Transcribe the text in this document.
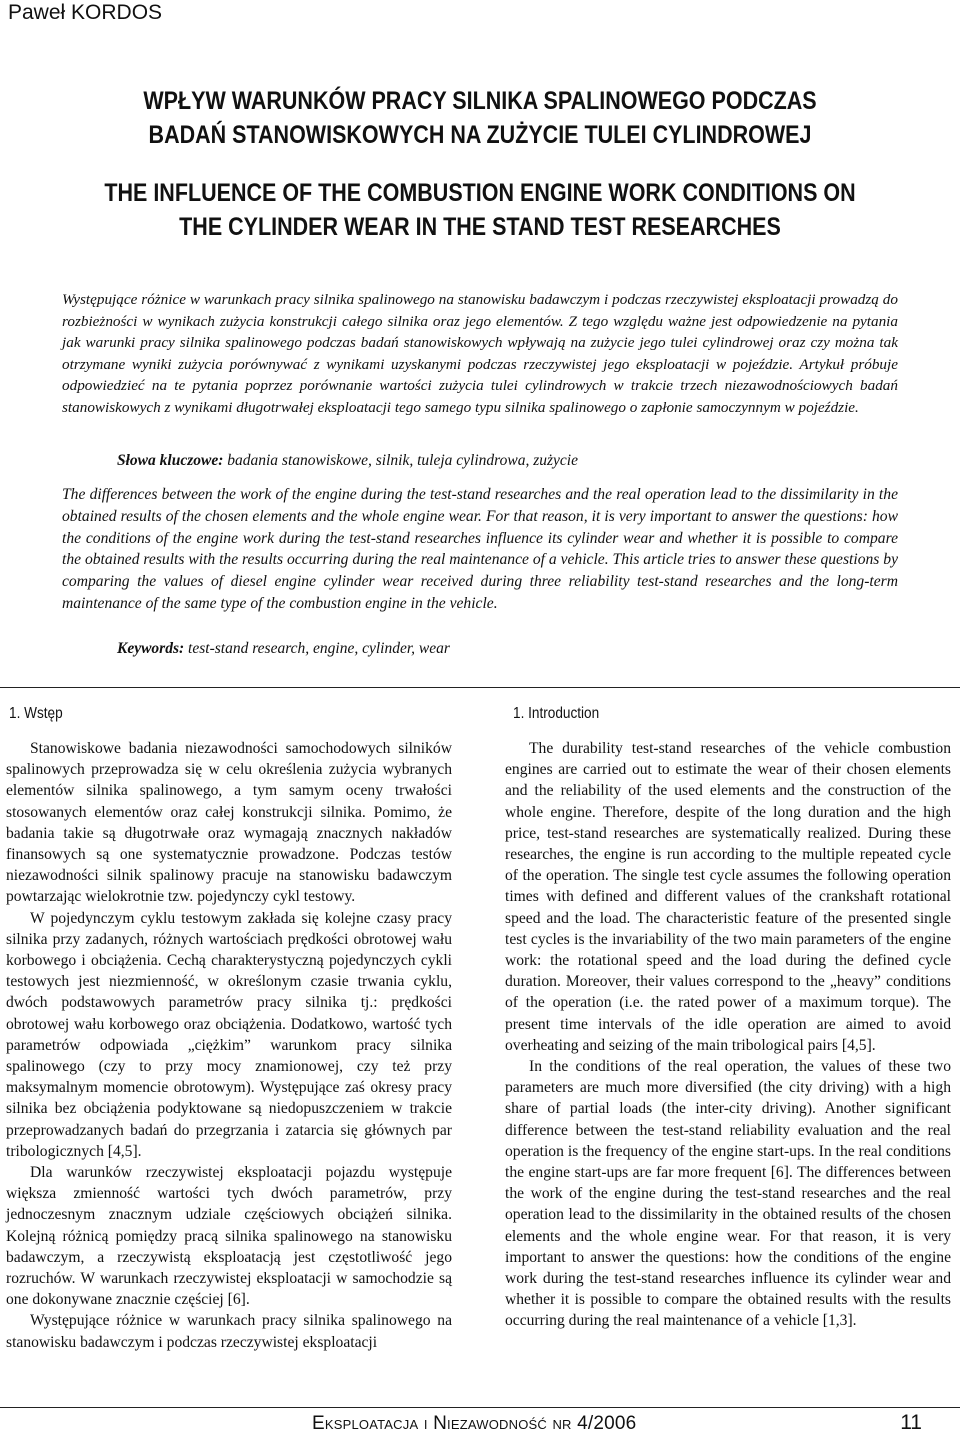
Paweł KORDOS
WPŁYW WARUNKÓW PRACY SILNIKA SPALINOWEGO PODCZAS BADAŃ STANOWISKOWYCH NA ZUŻYCIE TULEI CYLINDROWEJ
THE INFLUENCE OF THE COMBUSTION ENGINE WORK CONDITIONS ON THE CYLINDER WEAR IN THE STAND TEST RESEARCHES
Występujące różnice w warunkach pracy silnika spalinowego na stanowisku badawczym i podczas rzeczywistej eksploatacji prowadzą do rozbieżności w wynikach zużycia konstrukcji całego silnika oraz jego elementów. Z tego względu ważne jest odpowiedzenie na pytania jak warunki pracy silnika spalinowego podczas badań stanowiskowych wpływają na zużycie jego tulei cylindrowej oraz czy można tak otrzymane wyniki zużycia porównywać z wynikami uzyskanymi podczas rzeczywistej jego eksploatacji w pojeździe. Artykuł próbuje odpowiedzieć na te pytania poprzez porównanie wartości zużycia tulei cylindrowych w trakcie trzech niezawodnościowych badań stanowiskowych z wynikami długotrwałej eksploatacji tego samego typu silnika spalinowego o zapłonie samoczynnym w pojeździe.
Słowa kluczowe: badania stanowiskowe, silnik, tuleja cylindrowa, zużycie
The differences between the work of the engine during the test-stand researches and the real operation lead to the dissimilarity in the obtained results of the chosen elements and the whole engine wear. For that reason, it is very important to answer the questions: how the conditions of the engine work during the test-stand researches influence its cylinder wear and whether it is possible to compare the obtained results with the results occurring during the real maintenance of a vehicle. This article tries to answer these questions by comparing the values of diesel engine cylinder wear received during three reliability test-stand researches and the long-term maintenance of the same type of the combustion engine in the vehicle.
Keywords: test-stand research, engine, cylinder, wear
1. Wstęp	1. Introduction

Stanowiskowe badania niezawodności samochodowych silników spalinowych przeprowadza się w celu określenia zużycia wybranych elementów silnika spalinowego, a tym samym oceny trwałości stosowanych elementów oraz całej konstrukcji silnika. Pomimo, że badania takie są długotrwałe oraz wymagają znacznych nakładów finansowych są one systematycznie prowadzone. Podczas testów niezawodności silnik spalinowy pracuje na stanowisku badawczym powtarzając wielokrotnie tzw. pojedynczy cykl testowy.

W pojedynczym cyklu testowym zakłada się kolejne czasy pracy silnika przy zadanych, różnych wartościach prędkości obrotowej wału korbowego i obciążenia. Cechą charakterystyczną pojedynczych cykli testowych jest niezmienność, w określonym czasie trwania cyklu, dwóch podstawowych parametrów pracy silnika tj.: prędkości obrotowej wału korbowego oraz obciążenia. Dodatkowo, wartość tych parametrów odpowiada „ciężkim” warunkom pracy silnika spalinowego (czy to przy mocy znamionowej, czy też przy maksymalnym momencie obrotowym). Występujące zaś okresy pracy silnika bez obciążenia podyktowane są niedopuszczeniem w trakcie przeprowadzanych badań do przegrzania i zatarcia się głównych par tribologicznych [4,5].

Dla warunków rzeczywistej eksploatacji pojazdu występuje większa zmienność wartości tych dwóch parametrów, przy jednoczesnym znacznym udziale częściowych obciążeń silnika. Kolejną różnicą pomiędzy pracą silnika spalinowego na stanowisku badawczym, a rzeczywistą eksploatacją jest częstotliwość jego rozruchów. W warunkach rzeczywistej eksploatacji w samochodzie są one dokonywane znacznie częściej [6].

Występujące różnice w warunkach pracy silnika spalinowego na stanowisku badawczym i podczas rzeczywistej eksploatacji

The durability test-stand researches of the vehicle combustion engines are carried out to estimate the wear of their chosen elements and the reliability of the used elements and the construction of the whole engine. Therefore, despite of the long duration and the high price, test-stand researches are systematically realized. During these researches, the engine is run according to the multiple repeated cycle of the operation. The single test cycle assumes the following operation times with defined and different values of the crankshaft rotational speed and the load. The characteristic feature of the presented single test cycles is the invariability of the two main parameters of the engine work: the rotational speed and the load during the defined cycle duration. Moreover, their values correspond to the „heavy” conditions of the operation (i.e. the rated power of a maximum torque). The present time intervals of the idle operation are aimed to avoid overheating and seizing of the main tribological pairs [4,5].

In the conditions of the real operation, the values of these two parameters are much more diversified (the city driving) with a high share of partial loads (the inter-city driving). Another significant difference between the test-stand reliability evaluation and the real operation is the frequency of the engine start-ups. In the real conditions the engine start-ups are far more frequent [6]. The differences between the work of the engine during the test-stand researches and the real operation lead to the dissimilarity in the obtained results of the chosen elements and the whole engine wear. For that reason, it is very important to answer the questions: how the conditions of the engine work during the test-stand researches influence its cylinder wear and whether it is possible to compare the obtained results with the results occurring during the real maintenance of a vehicle [1,3].

Eksploatacja i Niezawodność nr 4/2006	11
